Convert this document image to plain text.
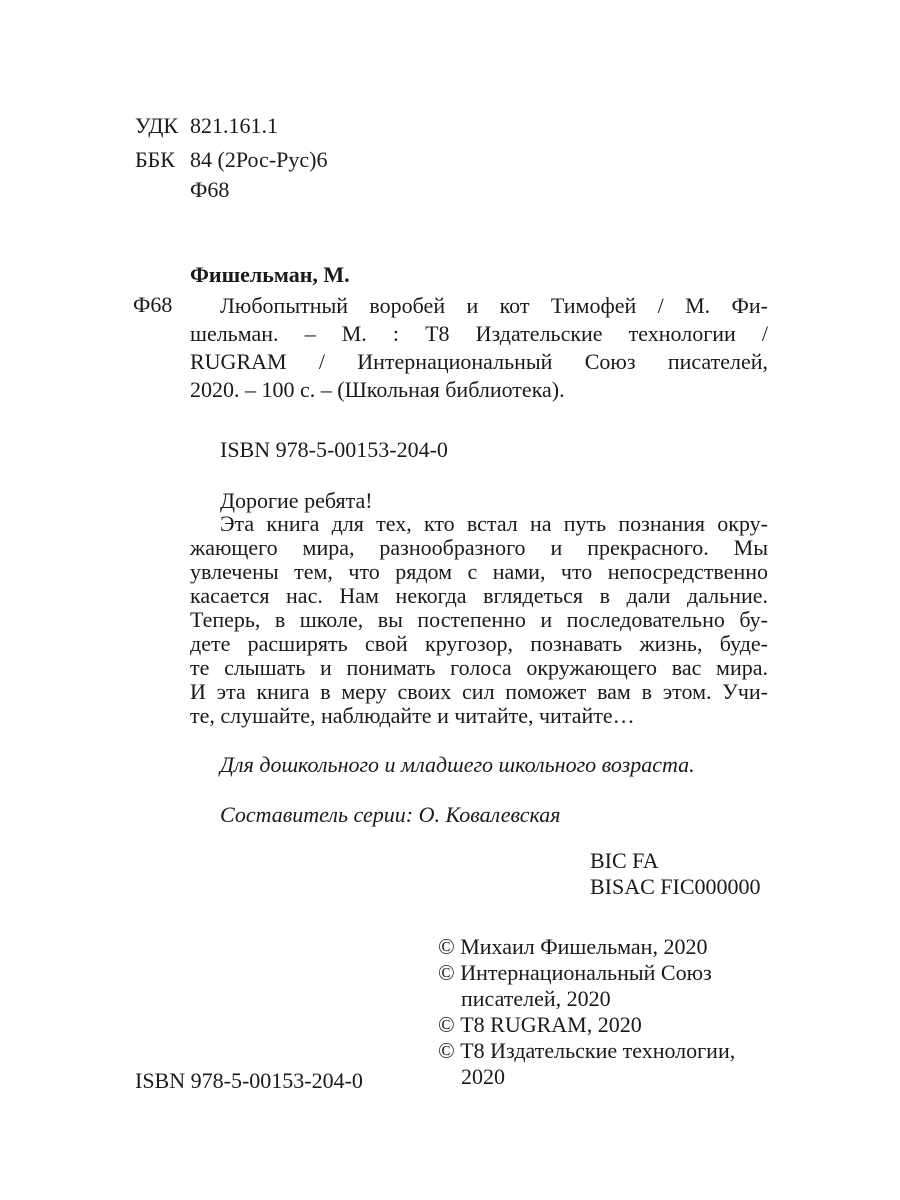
УДК 821.161.1
ББК 84 (2Рос-Рус)6
Ф68
Фишельман, М.
Ф68 Любопытный воробей и кот Тимофей / М. Фи-
шельман. – М. : Т8 Издательские технологии /
RUGRAM / Интернациональный Союз писателей,
2020. – 100 с. – (Школьная библиотека).
ISBN 978-5-00153-204-0
Дорогие ребята!
Эта книга для тех, кто встал на путь познания окру-
жающего мира, разнообразного и прекрасного. Мы
увлечены тем, что рядом с нами, что непосредственно
касается нас. Нам некогда вглядеться в дали дальние.
Теперь, в школе, вы постепенно и последовательно бу-
дете расширять свой кругозор, познавать жизнь, буде-
те слышать и понимать голоса окружающего вас мира.
И эта книга в меру своих сил поможет вам в этом. Учи-
те, слушайте, наблюдайте и читайте, читайте…
Для дошкольного и младшего школьного возраста.
Составитель серии: О. Ковалевская
BIC FA
BISAC FIC000000
© Михаил Фишельман, 2020
© Интернациональный Союз
писателей, 2020
© Т8 RUGRAM, 2020
© Т8 Издательские технологии,
2020
ISBN 978-5-00153-204-0
